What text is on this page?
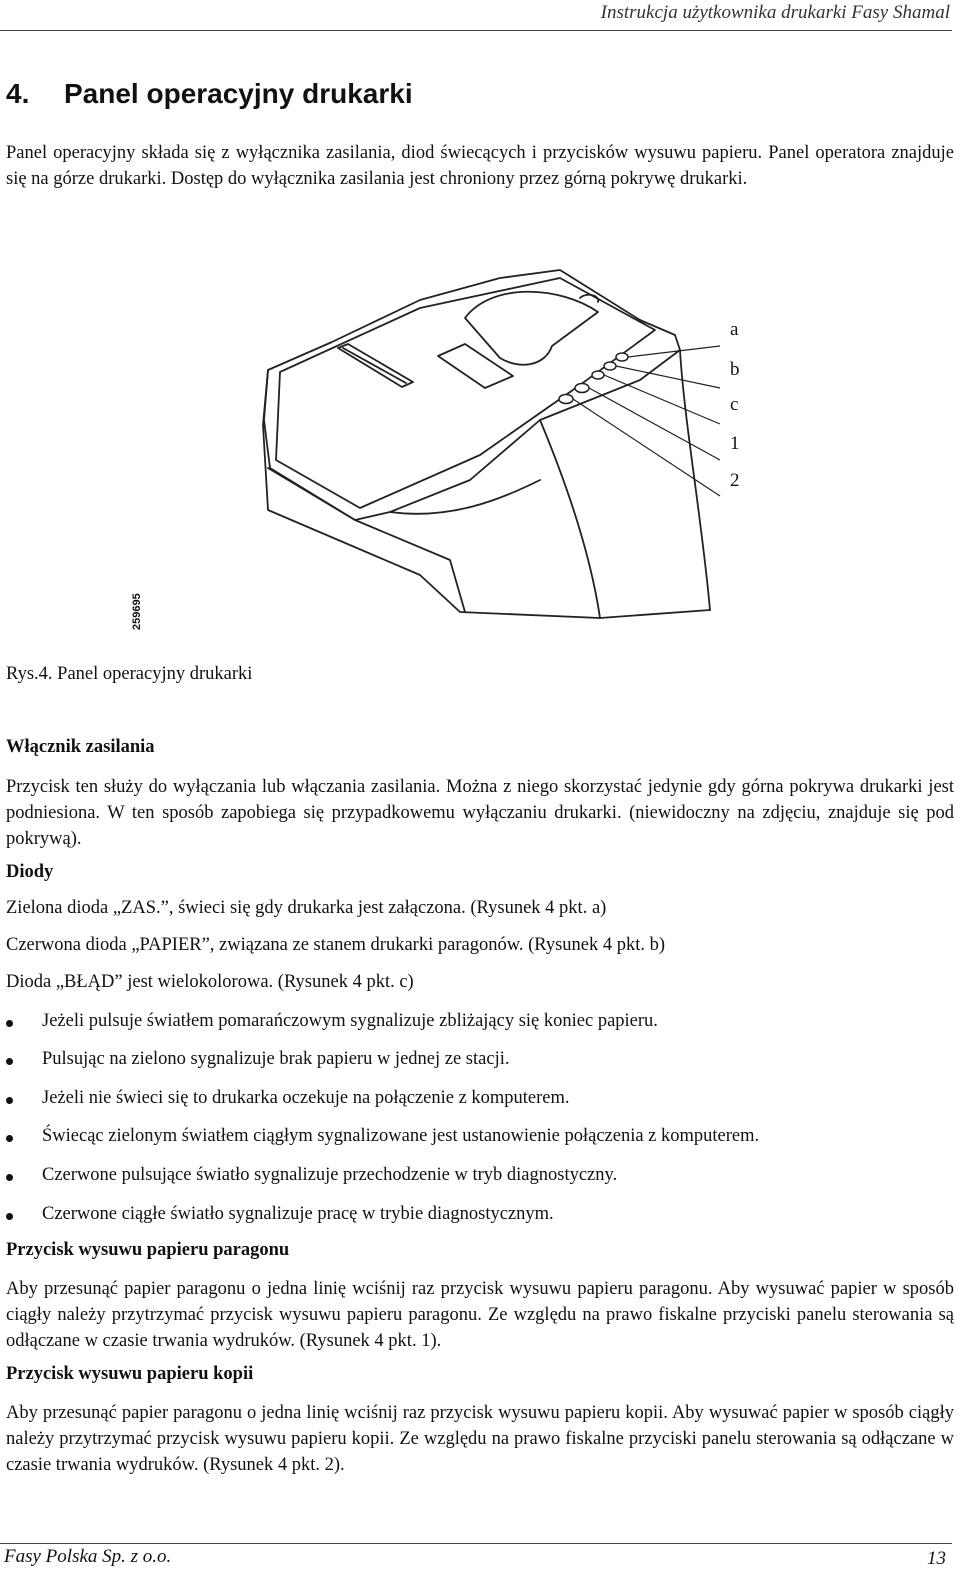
Instrukcja użytkownika drukarki Fasy Shamal
4. Panel operacyjny drukarki
Panel operacyjny składa się z wyłącznika zasilania, diod świecących i przycisków wysuwu papieru. Panel operatora znajduje się na górze drukarki. Dostęp do wyłącznika zasilania jest chroniony przez górną pokrywę drukarki.
a
b
c
1
2
259695
Rys.4. Panel operacyjny drukarki
Włącznik zasilania
Przycisk ten służy do wyłączania lub włączania zasilania. Można z niego skorzystać jedynie gdy górna pokrywa drukarki jest podniesiona. W ten sposób zapobiega się przypadkowemu wyłączaniu drukarki. (niewidoczny na zdjęciu, znajduje się pod pokrywą).
Diody
Zielona dioda „ZAS.”, świeci się gdy drukarka jest załączona. (Rysunek 4 pkt. a)
Czerwona dioda „PAPIER”, związana ze stanem drukarki paragonów. (Rysunek 4 pkt. b)
Dioda „BŁĄD” jest wielokolorowa. (Rysunek 4 pkt. c)
Jeżeli pulsuje światłem pomarańczowym sygnalizuje zbliżający się koniec papieru.
Pulsując na zielono sygnalizuje brak papieru w jednej ze stacji.
Jeżeli nie świeci się to drukarka oczekuje na połączenie z komputerem.
Świecąc zielonym światłem ciągłym sygnalizowane jest ustanowienie połączenia z komputerem.
Czerwone pulsujące światło sygnalizuje przechodzenie w tryb diagnostyczny.
Czerwone ciągłe światło sygnalizuje pracę w trybie diagnostycznym.
Przycisk wysuwu papieru paragonu
Aby przesunąć papier paragonu o jedna linię wciśnij raz przycisk wysuwu papieru paragonu. Aby wysuwać papier w sposób ciągły należy przytrzymać przycisk wysuwu papieru paragonu. Ze względu na prawo fiskalne przyciski panelu sterowania są odłączane w czasie trwania wydruków. (Rysunek 4 pkt. 1).
Przycisk wysuwu papieru kopii
Aby przesunąć papier paragonu o jedna linię wciśnij raz przycisk wysuwu papieru kopii. Aby wysuwać papier w sposób ciągły należy przytrzymać przycisk wysuwu papieru kopii. Ze względu na prawo fiskalne przyciski panelu sterowania są odłączane w czasie trwania wydruków. (Rysunek 4 pkt. 2).
Fasy Polska Sp. z o.o.	13
